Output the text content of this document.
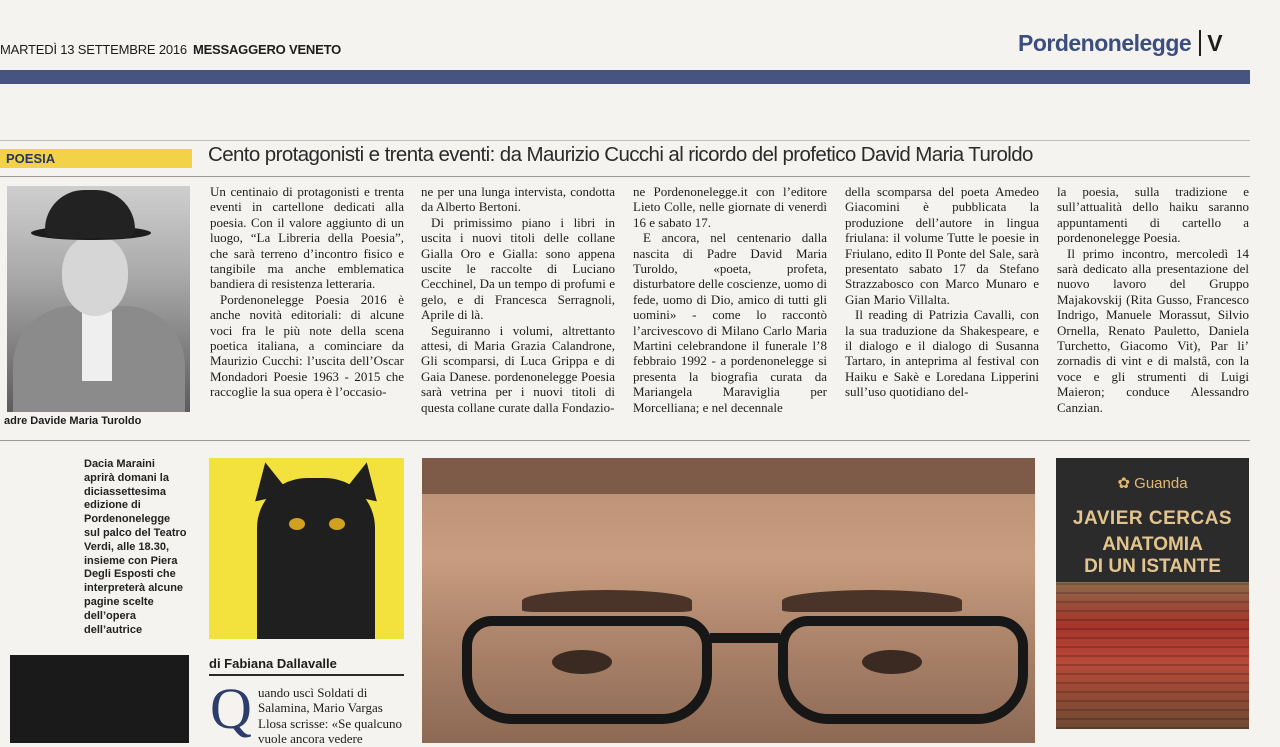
MARTEDÌ 13 SETTEMBRE 2016 MESSAGGERO VENETO	Pordenonelegge V
POESIA	Cento protagonisti e trenta eventi: da Maurizio Cucchi al ricordo del profetico David Maria Turoldo
adre Davide Maria Turoldo

Un centinaio di protagonisti e trenta eventi in cartellone dedicati alla poesia. Con il valore aggiunto di un luogo, “La Libreria della Poesia”, che sarà terreno d’incontro fisico e tangibile ma anche emblematica bandiera di resistenza letteraria.

Pordenonelegge Poesia 2016 è anche novità editoriali: di alcune voci fra le più note della scena poetica italiana, a cominciare da Maurizio Cucchi: l’uscita dell’Oscar Mondadori Poesie 1963 - 2015 che raccoglie la sua opera è l’occasio-

ne per una lunga intervista, condotta da Alberto Bertoni.

Di primissimo piano i libri in uscita i nuovi titoli delle collane Gialla Oro e Gialla: sono appena uscite le raccolte di Luciano Cecchinel, Da un tempo di profumi e gelo, e di Francesca Serragnoli, Aprile di là.

Seguiranno i volumi, altrettanto attesi, di Maria Grazia Calandrone, Gli scomparsi, di Luca Grippa e di Gaia Danese. pordenonelegge Poesia sarà vetrina per i nuovi titoli di questa collane curate dalla Fondazio-

ne Pordenonelegge.it con l’editore Lieto Colle, nelle giornate di venerdì 16 e sabato 17.

E ancora, nel centenario dalla nascita di Padre David Maria Turoldo, «poeta, profeta, disturbatore delle coscienze, uomo di fede, uomo di Dio, amico di tutti gli uomini» - come lo raccontò l’arcivescovo di Milano Carlo Maria Martini celebrandone il funerale l’8 febbraio 1992 - a pordenonelegge si presenta la biografia curata da Mariangela Maraviglia per Morcelliana; e nel decennale

della scomparsa del poeta Amedeo Giacomini è pubblicata la produzione dell’autore in lingua friulana: il volume Tutte le poesie in Friulano, edito Il Ponte del Sale, sarà presentato sabato 17 da Stefano Strazzabosco con Marco Munaro e Gian Mario Villalta.

Il reading di Patrizia Cavalli, con la sua traduzione da Shakespeare, e il dialogo e il dialogo di Susanna Tartaro, in anteprima al festival con Haiku e Sakè e Loredana Lipperini sull’uso quotidiano del-

la poesia, sulla tradizione e sull’attualità dello haiku saranno appuntamenti di cartello a pordenonelegge Poesia.

Il primo incontro, mercoledì 14 sarà dedicato alla presentazione del nuovo lavoro del Gruppo Majakovskij (Rita Gusso, Francesco Indrigo, Manuele Morassut, Silvio Ornella, Renato Pauletto, Daniela Turchetto, Giacomo Vit), Par li’ zornadis di vint e di malstâ, con la voce e gli strumenti di Luigi Maieron; conduce Alessandro Canzian.

Dacia Maraini aprirà domani la diciassettesima edizione di Pordenonelegge sul palco del Teatro Verdi, alle 18.30, insieme con Piera Degli Esposti che interpreterà alcune pagine scelte dell’opera dell’autrice
di Fabiana Dallavalle
Q uando uscì Soldati di Salamina, Mario Vargas Llosa scrisse: «Se qualcuno vuole ancora vedere

✿ Guanda
JAVIER CERCAS
ANATOMIA
DI UN ISTANTE
